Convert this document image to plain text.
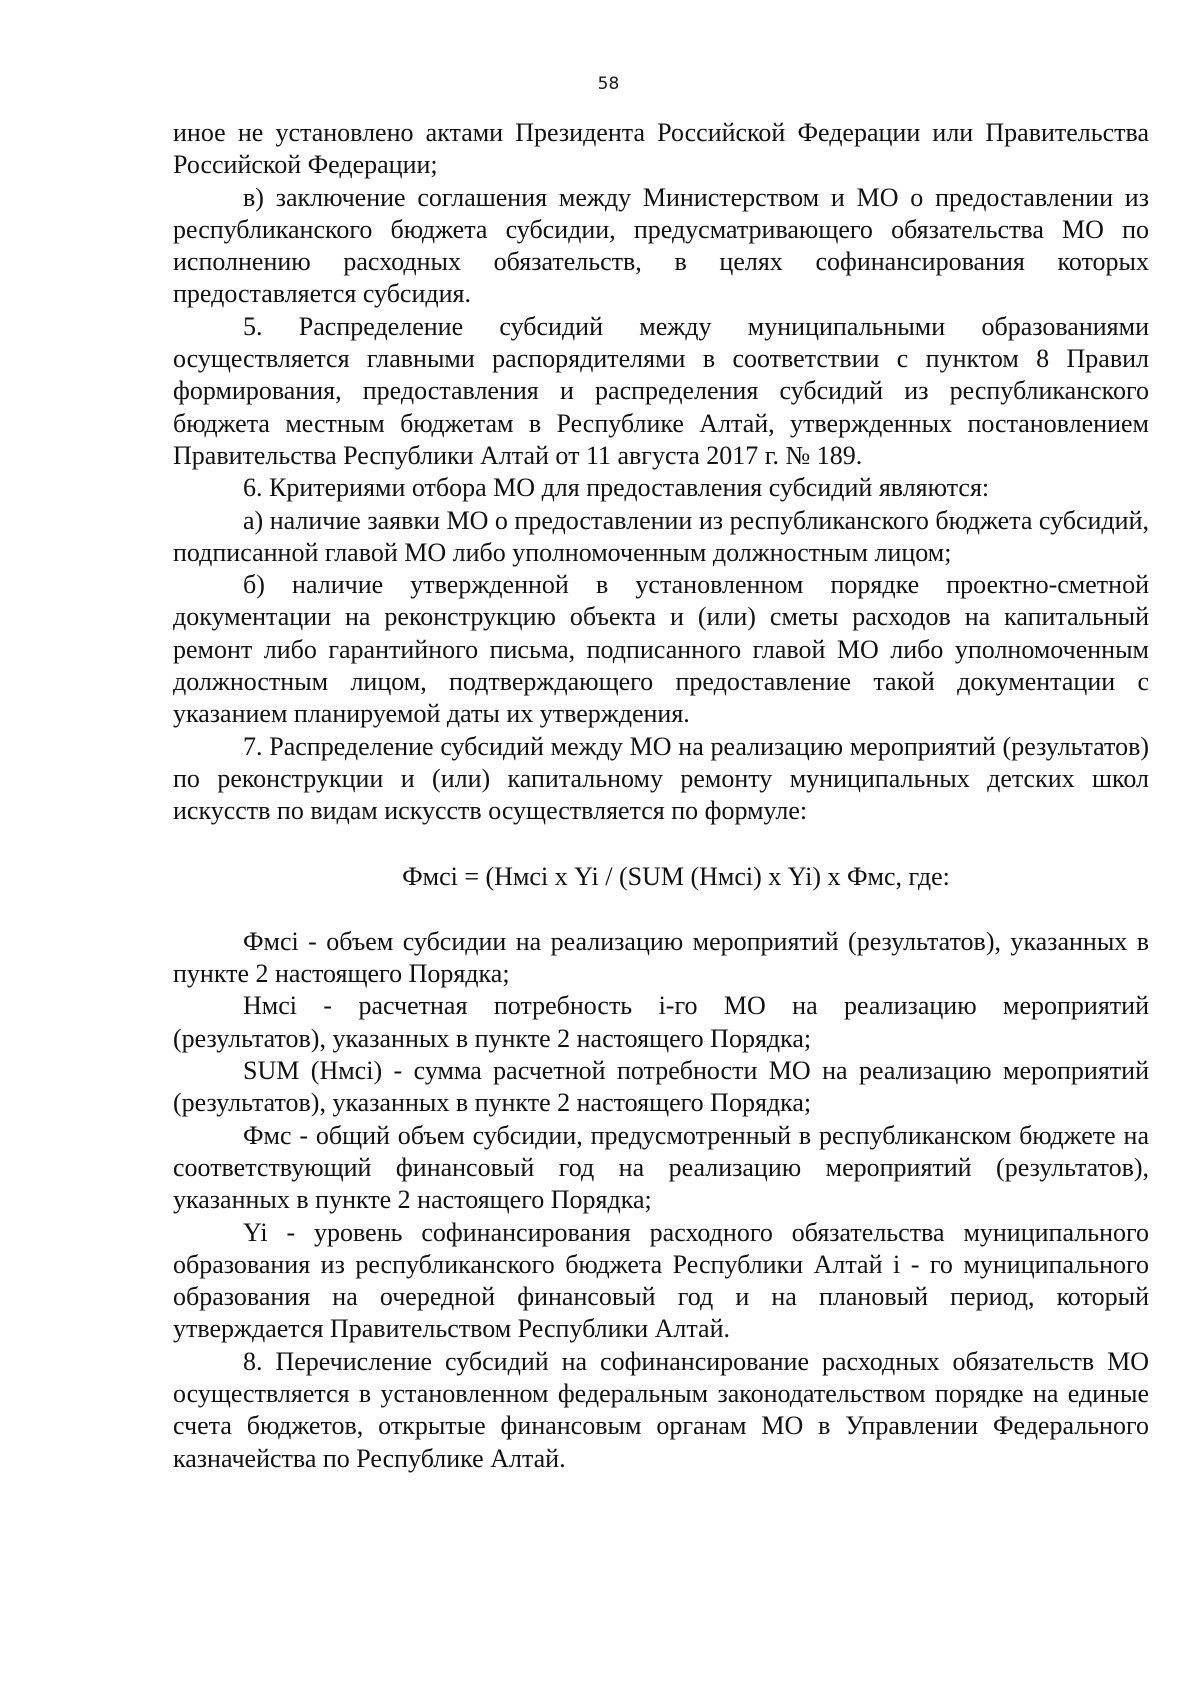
58

иное не установлено актами Президента Российской Федерации или Правительства Российской Федерации;

в) заключение соглашения между Министерством и МО о предоставлении из республиканского бюджета субсидии, предусматривающего обязательства МО по исполнению расходных обязательств, в целях софинансирования которых предоставляется субсидия.

5. Распределение субсидий между муниципальными образованиями осуществляется главными распорядителями в соответствии с пунктом 8 Правил формирования, предоставления и распределения субсидий из республиканского бюджета местным бюджетам в Республике Алтай, утвержденных постановлением Правительства Республики Алтай от 11 августа 2017 г. № 189.

6. Критериями отбора МО для предоставления субсидий являются:

а) наличие заявки МО о предоставлении из республиканского бюджета субсидий, подписанной главой МО либо уполномоченным должностным лицом;

б) наличие утвержденной в установленном порядке проектно-сметной документации на реконструкцию объекта и (или) сметы расходов на капитальный ремонт либо гарантийного письма, подписанного главой МО либо уполномоченным должностным лицом, подтверждающего предоставление такой документации с указанием планируемой даты их утверждения.

7. Распределение субсидий между МО на реализацию мероприятий (результатов) по реконструкции и (или) капитальному ремонту муниципальных детских школ искусств по видам искусств осуществляется по формуле:

Фмсi = (Нмсi х Yi / (SUM (Нмсi) х Yi) х Фмс, где:

Фмсi - объем субсидии на реализацию мероприятий (результатов), указанных в пункте 2 настоящего Порядка;

Нмсi - расчетная потребность i-го МО на реализацию мероприятий (результатов), указанных в пункте 2 настоящего Порядка;

SUM (Нмсi) - сумма расчетной потребности МО на реализацию мероприятий (результатов), указанных в пункте 2 настоящего Порядка;

Фмс - общий объем субсидии, предусмотренный в республиканском бюджете на соответствующий финансовый год на реализацию мероприятий (результатов), указанных в пункте 2 настоящего Порядка;

Yi - уровень софинансирования расходного обязательства муниципального образования из республиканского бюджета Республики Алтай i - го муниципального образования на очередной финансовый год и на плановый период, который утверждается Правительством Республики Алтай.

8. Перечисление субсидий на софинансирование расходных обязательств МО осуществляется в установленном федеральным законодательством порядке на единые счета бюджетов, открытые финансовым органам МО в Управлении Федерального казначейства по Республике Алтай.
